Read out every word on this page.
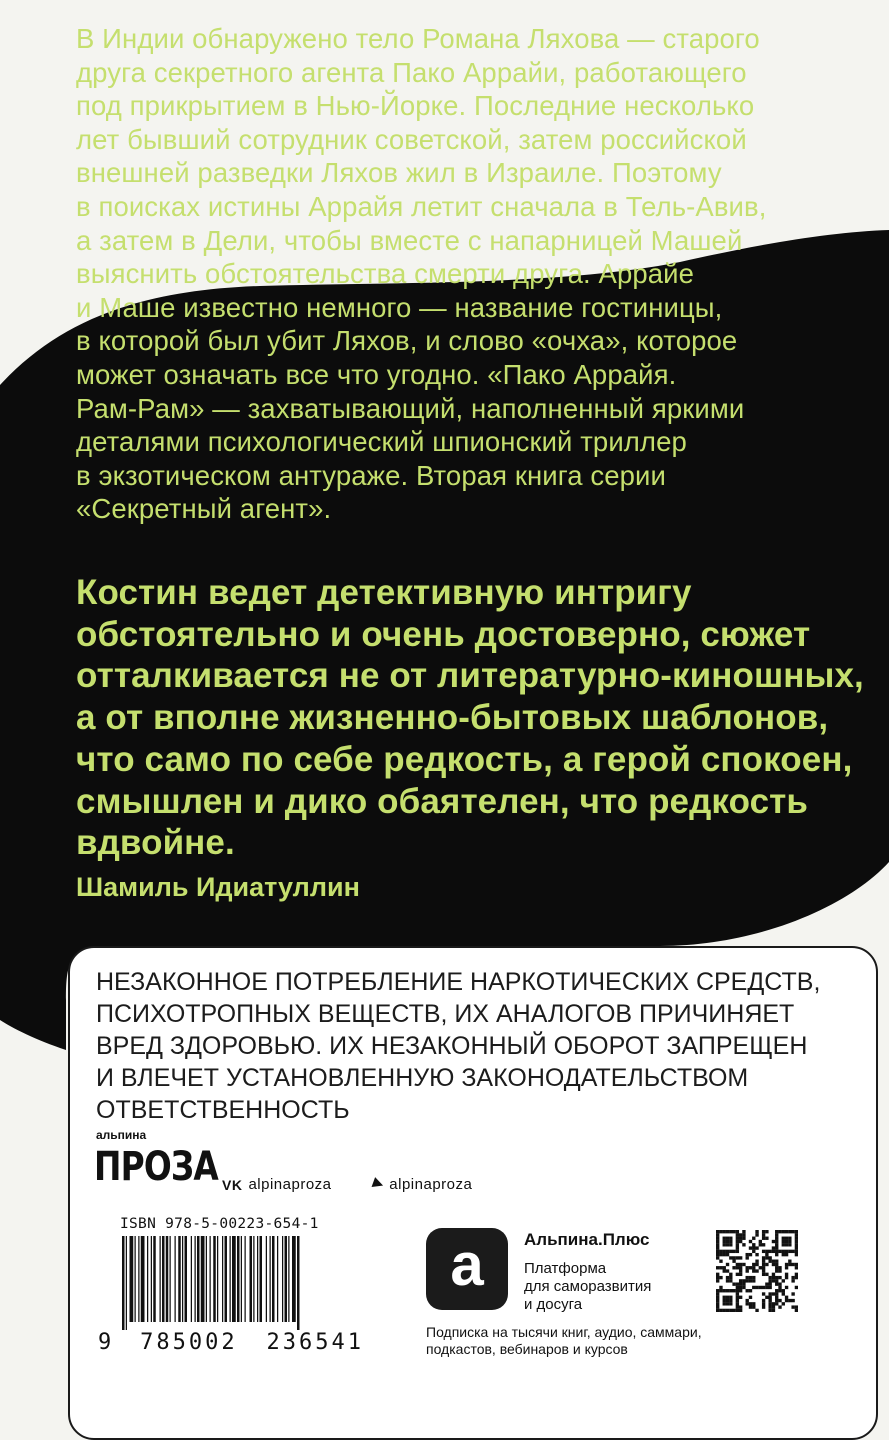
В Индии обнаружено тело Романа Ляхова — старого
друга секретного агента Пако Аррайи, работающего
под прикрытием в Нью-Йорке. Последние несколько
лет бывший сотрудник советской, затем российской
внешней разведки Ляхов жил в Израиле. Поэтому
в поисках истины Аррайя летит сначала в Тель-Авив,
а затем в Дели, чтобы вместе с напарницей Машей
выяснить обстоятельства смерти друга. Аррайе
и Маше известно немного — название гостиницы,
в которой был убит Ляхов, и слово «очха», которое
может означать все что угодно. «Пако Аррайя.
Рам-Рам» — захватывающий, наполненный яркими
деталями психологический шпионский триллер
в экзотическом антураже. Вторая книга серии
«Секретный агент».
Костин ведет детективную интригу
обстоятельно и очень достоверно, сюжет
отталкивается не от литературно-киношных,
а от вполне жизненно-бытовых шаблонов,
что само по себе редкость, а герой спокоен,
смышлен и дико обаятелен, что редкость
вдвойне.
Шамиль Идиатуллин
НЕЗАКОННОЕ ПОТРЕБЛЕНИЕ НАРКОТИЧЕСКИХ СРЕДСТВ,
ПСИХОТРОПНЫХ ВЕЩЕСТВ, ИХ АНАЛОГОВ ПРИЧИНЯЕТ
ВРЕД ЗДОРОВЬЮ. ИХ НЕЗАКОННЫЙ ОБОРОТ ЗАПРЕЩЕН
И ВЛЕЧЕТ УСТАНОВЛЕННУЮ ЗАКОНОДАТЕЛЬСТВОМ
ОТВЕТСТВЕННОСТЬ
альпина
ПРОЗА VK alpinaproza	◀ alpinaproza
ISBN 978-5-00223-654-1
9 785002 236541
a	Альпина.Плюс
Платформа
для саморазвития
и досуга
Подписка на тысячи книг, аудио, саммари,
подкастов, вебинаров и курсов
